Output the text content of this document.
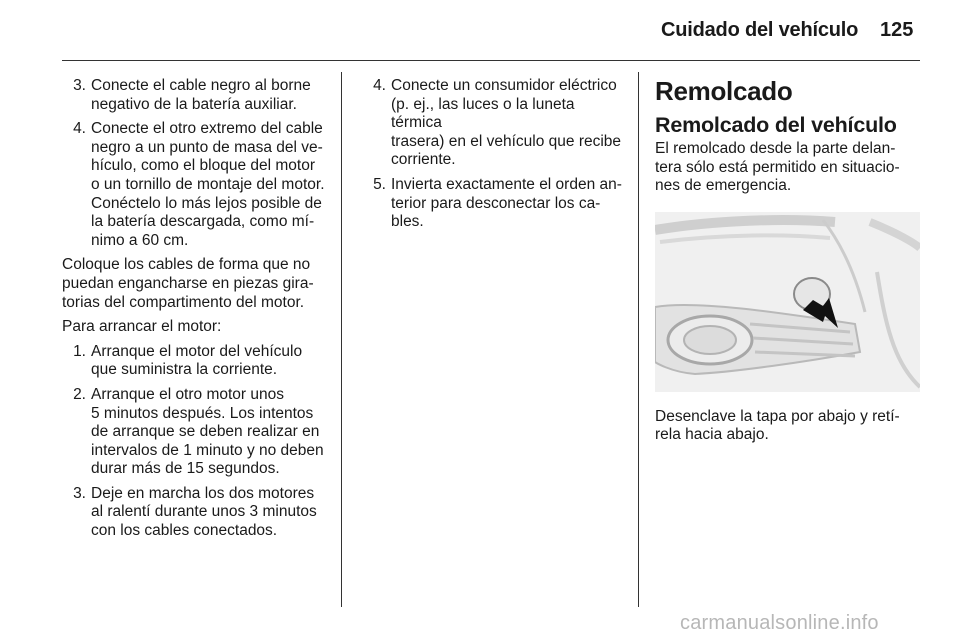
Cuidado del vehículo 125
3. Conecte el cable negro al borne
negativo de la batería auxiliar.
4. Conecte el otro extremo del cable
negro a un punto de masa del ve-
hículo, como el bloque del motor
o un tornillo de montaje del motor.
Conéctelo lo más lejos posible de
la batería descargada, como mí-
nimo a 60 cm.
Coloque los cables de forma que no
puedan engancharse en piezas gira-
torias del compartimento del motor.
Para arrancar el motor:
1. Arranque el motor del vehículo
que suministra la corriente.
2. Arranque el otro motor unos
5 minutos después. Los intentos
de arranque se deben realizar en
intervalos de 1 minuto y no deben
durar más de 15 segundos.
3. Deje en marcha los dos motores
al ralentí durante unos 3 minutos
con los cables conectados.
4. Conecte un consumidor eléctrico
(p. ej., las luces o la luneta térmica
trasera) en el vehículo que recibe
corriente.
5. Invierta exactamente el orden an-
terior para desconectar los ca-
bles.
Remolcado
Remolcado del vehículo
El remolcado desde la parte delan-
tera sólo está permitido en situacio-
nes de emergencia.
Desenclave la tapa por abajo y retí-
rela hacia abajo.
carmanualsonline.info
